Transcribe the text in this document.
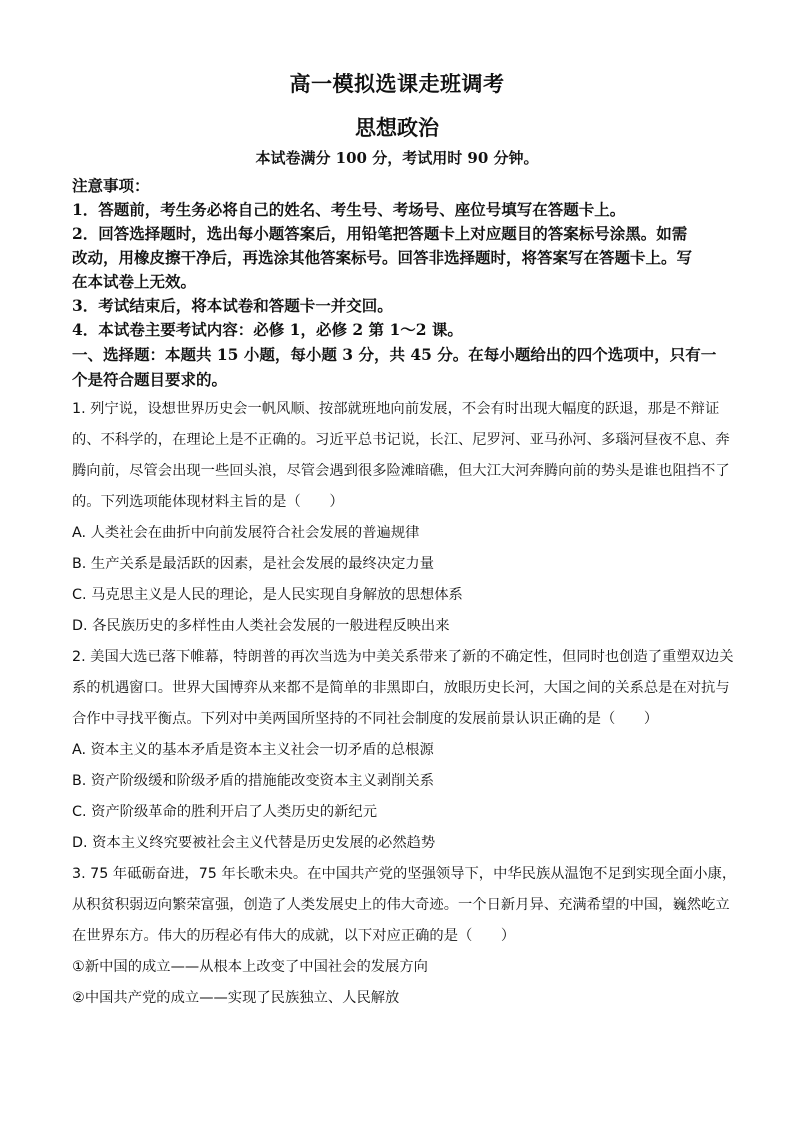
高一模拟选课走班调考
思想政治
本试卷满分 100 分，考试用时 90 分钟。
注意事项：
1．答题前，考生务必将自己的姓名、考生号、考场号、座位号填写在答题卡上。
2．回答选择题时，选出每小题答案后，用铅笔把答题卡上对应题目的答案标号涂黑。如需
改动，用橡皮擦干净后，再选涂其他答案标号。回答非选择题时，将答案写在答题卡上。写
在本试卷上无效。
3．考试结束后，将本试卷和答题卡一并交回。
4．本试卷主要考试内容：必修 1，必修 2 第 1～2 课。
一、选择题：本题共 15 小题，每小题 3 分，共 45 分。在每小题给出的四个选项中，只有一
个是符合题目要求的。
1. 列宁说，设想世界历史会一帆风顺、按部就班地向前发展，不会有时出现大幅度的跃退，那是不辩证
的、不科学的，在理论上是不正确的。习近平总书记说，长江、尼罗河、亚马孙河、多瑙河昼夜不息、奔
腾向前，尽管会出现一些回头浪，尽管会遇到很多险滩暗礁，但大江大河奔腾向前的势头是谁也阻挡不了
的。下列选项能体现材料主旨的是（　　）
A. 人类社会在曲折中向前发展符合社会发展的普遍规律
B. 生产关系是最活跃的因素，是社会发展的最终决定力量
C. 马克思主义是人民的理论，是人民实现自身解放的思想体系
D. 各民族历史的多样性由人类社会发展的一般进程反映出来
2. 美国大选已落下帷幕，特朗普的再次当选为中美关系带来了新的不确定性，但同时也创造了重塑双边关
系的机遇窗口。世界大国博弈从来都不是简单的非黑即白，放眼历史长河，大国之间的关系总是在对抗与
合作中寻找平衡点。下列对中美两国所坚持的不同社会制度的发展前景认识正确的是（　　）
A. 资本主义的基本矛盾是资本主义社会一切矛盾的总根源
B. 资产阶级缓和阶级矛盾的措施能改变资本主义剥削关系
C. 资产阶级革命的胜利开启了人类历史的新纪元
D. 资本主义终究要被社会主义代替是历史发展的必然趋势
3. 75 年砥砺奋进，75 年长歌未央。在中国共产党的坚强领导下，中华民族从温饱不足到实现全面小康，
从积贫积弱迈向繁荣富强，创造了人类发展史上的伟大奇迹。一个日新月异、充满希望的中国，巍然屹立
在世界东方。伟大的历程必有伟大的成就，以下对应正确的是（　　）
①新中国的成立——从根本上改变了中国社会的发展方向
②中国共产党的成立——实现了民族独立、人民解放
